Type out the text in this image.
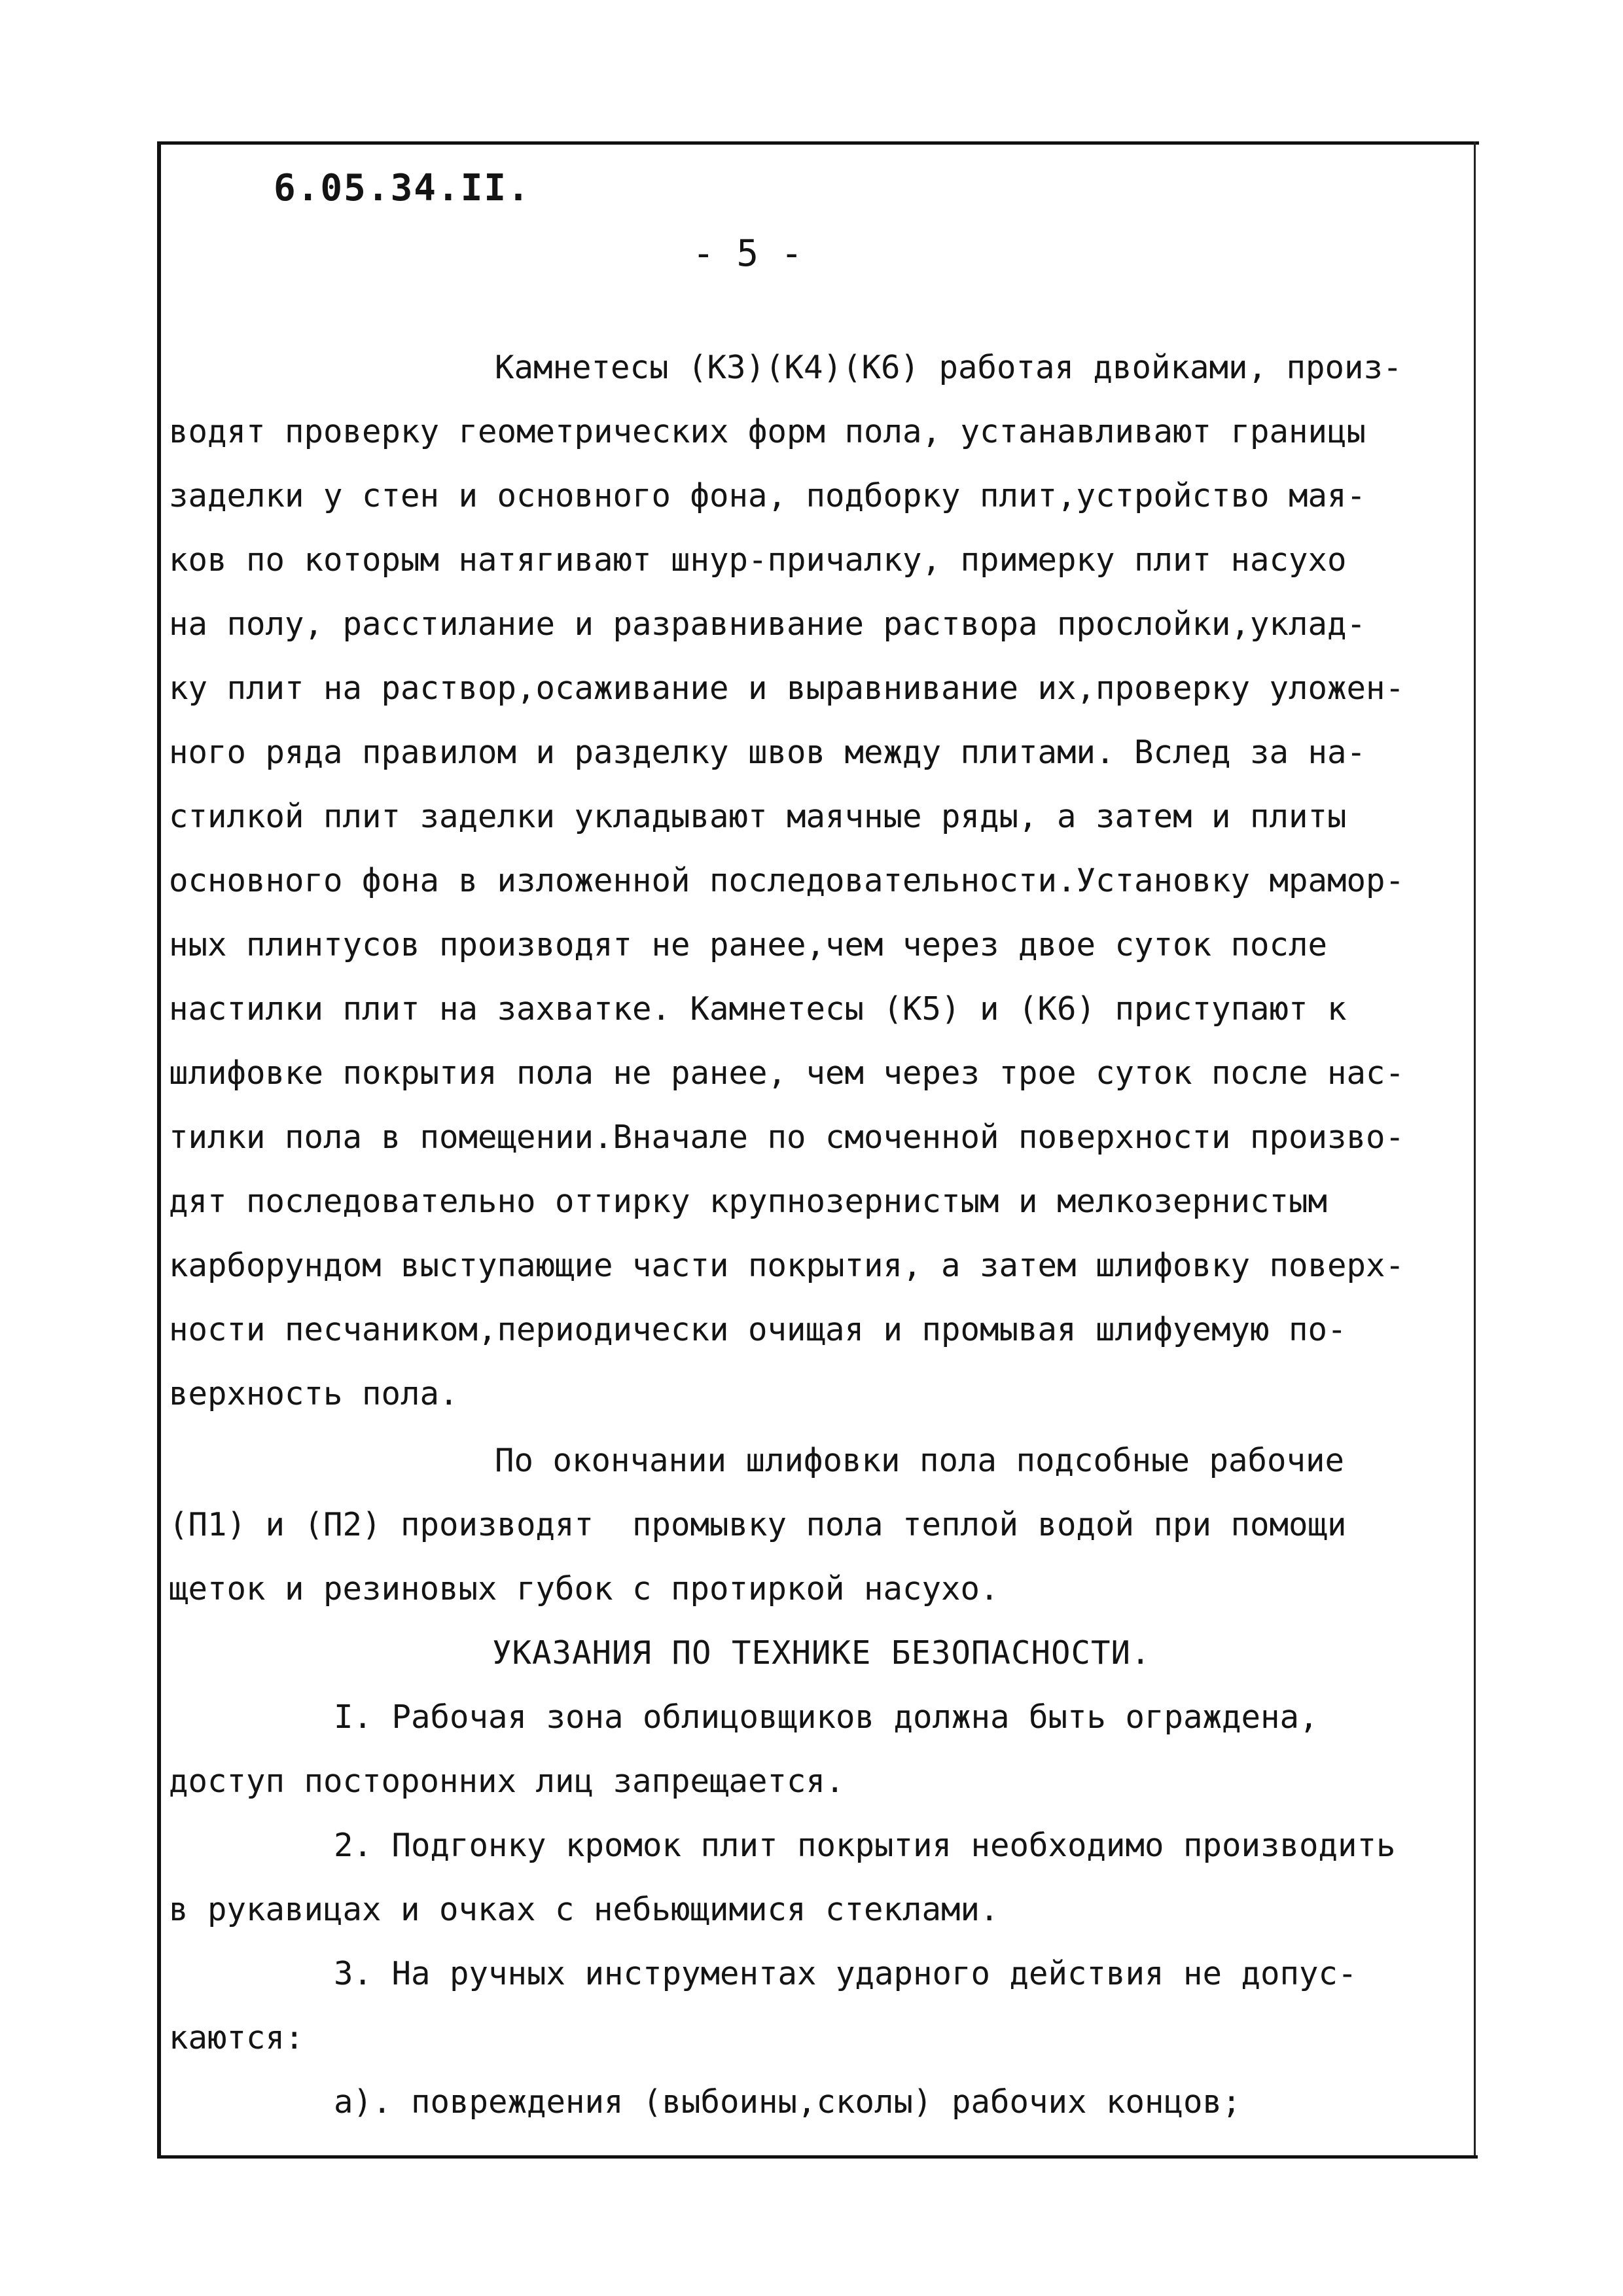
6.05.34.II.

- 5 -

Камнетесы (К3)(К4)(К6) работая двойками, произ-

водят проверку геометрических форм пола, устанавливают границы

заделки у стен и основного фона, подборку плит,устройство мая-

ков по которым натягивают шнур-причалку, примерку плит насухо

на полу, расстилание и разравнивание раствора прослойки,уклад-

ку плит на раствор,осаживание и выравнивание их,проверку уложен-

ного ряда правилом и разделку швов между плитами. Вслед за на-

стилкой плит заделки укладывают маячные ряды, а затем и плиты

основного фона в изложенной последовательности.Установку мрамор-

ных плинтусов производят не ранее,чем через двое суток после

настилки плит на захватке. Камнетесы (К5) и (К6) приступают к

шлифовке покрытия пола не ранее, чем через трое суток после нас-

тилки пола в помещении.Вначале по смоченной поверхности произво-

дят последовательно оттирку крупнозернистым и мелкозернистым

карборундом выступающие части покрытия, а затем шлифовку поверх-

ности песчаником,периодически очищая и промывая шлифуемую по-

верхность пола.

По окончании шлифовки пола подсобные рабочие

(П1) и (П2) производят  промывку пола теплой водой при помощи

щеток и резиновых губок с протиркой насухо.

УКАЗАНИЯ ПО ТЕХНИКЕ БЕЗОПАСНОСТИ.

I. Рабочая зона облицовщиков должна быть ограждена,

доступ посторонних лиц запрещается.

2. Подгонку кромок плит покрытия необходимо производить

в рукавицах и очках с небьющимися стеклами.

3. На ручных инструментах ударного действия не допус-

каются:

а). повреждения (выбоины,сколы) рабочих концов;
